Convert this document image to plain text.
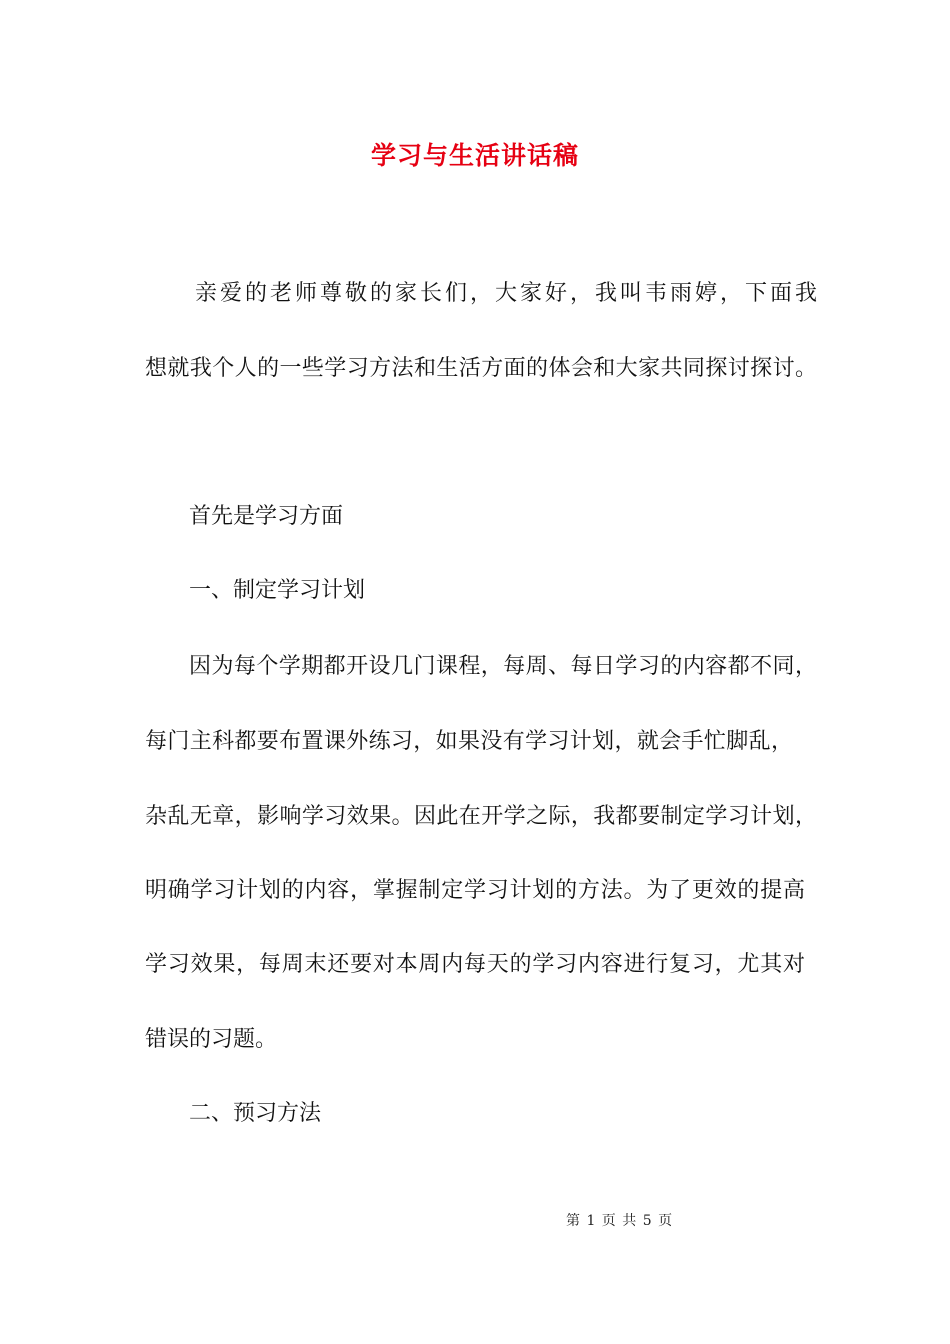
学习与生活讲话稿
　　亲爱的老师尊敬的家长们，大家好，我叫韦雨婷，下面我
想就我个人的一些学习方法和生活方面的体会和大家共同探讨探讨。
首先是学习方面
一、制定学习计划
因为每个学期都开设几门课程，每周、每日学习的内容都不同，
每门主科都要布置课外练习，如果没有学习计划，就会手忙脚乱，
杂乱无章，影响学习效果。因此在开学之际，我都要制定学习计划，
明确学习计划的内容，掌握制定学习计划的方法。为了更效的提高
学习效果，每周末还要对本周内每天的学习内容进行复习，尤其对
错误的习题。
二、预习方法
第 1 页 共 5 页
